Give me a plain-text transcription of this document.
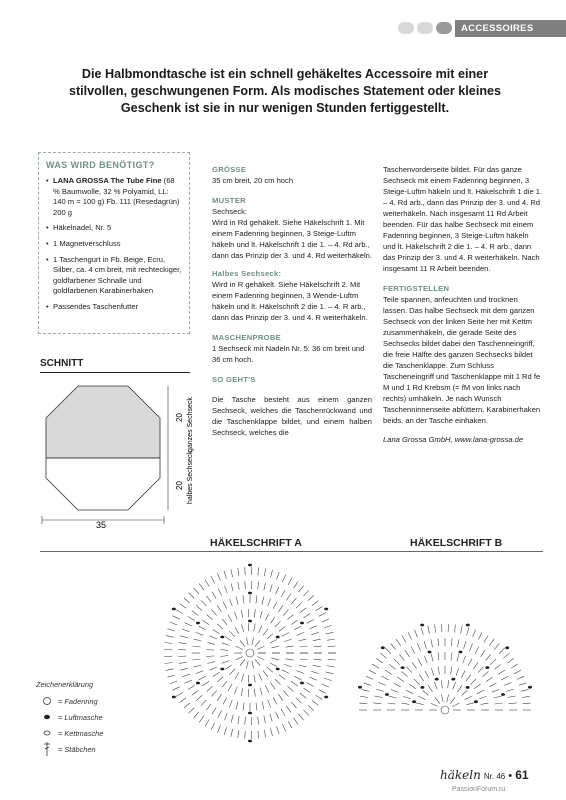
ACCESSOIRES
Die Halbmondtasche ist ein schnell gehäkeltes Accessoire mit einer stilvollen, geschwungenen Form. Als modisches Statement oder kleines Geschenk ist sie in nur wenigen Stunden fertiggestellt.
WAS WIRD BENÖTIGT?
• LANA GROSSA The Tube Fine (68 % Baumwolle, 32 % Polyamid, LL: 140 m = 100 g) Fb. 111 (Resedagrün) 200 g
• Häkelnadel, Nr. 5
• 1 Magnetverschluss
• 1 Taschengurt in Fb. Beige, Ecru, Silber, ca. 4 cm breit, mit rechteckiger, goldfarbener Schnalle und goldfarbenen Karabinerhaken
• Passendes Taschenfutter
GRÖSSE

35 cm breit, 20 cm hoch

MUSTER

Sechseck:

Wird in Rd gehäkelt. Siehe Häkelschrift 1. Mit einem Fadenring beginnen, 3 Steige-Luftm häkeln und lt. Häkelschrift 1 die 1. – 4. Rd arb., dann das Prinzip der 3. und 4. Rd weiterhäkeln.

Halbes Sechseck:

Wird in R gehäkelt. Siehe Häkelschrift 2. Mit einem Fadenring beginnen, 3 Wende-Luftm häkeln und lt. Häkelschrift 2 die 1. – 4. R arb., dann das Prinzip der 3. und 4. R weiterhäkeln.

MASCHENPROBE

1 Sechseck mit Nadeln Nr. 5: 36 cm breit und 36 cm hoch.

SO GEHT'S

Die Tasche besteht aus einem ganzen Sechseck, welches die Taschenrückwand und die Taschenklappe bildet, und einem halben Sechseck, welches die

Taschenvorderseite bildet. Für das ganze Sechseck mit einem Fadenring beginnen, 3 Steige-Luftm häkeln und lt. Häkelschrift 1 die 1. – 4. Rd arb., dann das Prinzip der 3. und 4. Rd weiterhäkeln. Nach insgesamt 11 Rd Arbeit beenden. Für das halbe Sechseck mit einem Fadenring beginnen, 3 Steige-Luftm häkeln und lt. Häkelschrift 2 die 1. – 4. R arb., dann das Prinzip der 3. und 4. R weiterhäkeln. Nach insgesamt 11 R Arbeit beenden.

FERTIGSTELLEN

Teile spannen, anfeuchten und trocknen lassen. Das halbe Sechseck mit dem ganzen Sechseck von der linken Seite her mit Kettm zusammenhäkeln, die gerade Seite des Sechsecks bildet dabei den Taschenneingriff, die freie Hälfte des ganzen Sechsecks bildet die Taschenklappe. Zum Schluss Tascheneingriff und Taschenklappe mit 1 Rd fe M und 1 Rd Krebsm (= fM von links nach rechts) umhäkeln. Je nach Wunsch Taschenninnenseite abfüttern. Karabinerhaken beids. an der Tasche einhaken.

Lana Grossa GmbH, www.lana-grossa.de

SCHNITT
35
20
20
ganzes Sechseck
halbes Sechseck
HÄKELSCHRIFT A	HÄKELSCHRIFT B
Zeichenerklärung
= Fadenring
= Luftmasche
= Kettmasche
= Stäbchen
häkeln Nr. 46 • 61
PassionForum.ru
